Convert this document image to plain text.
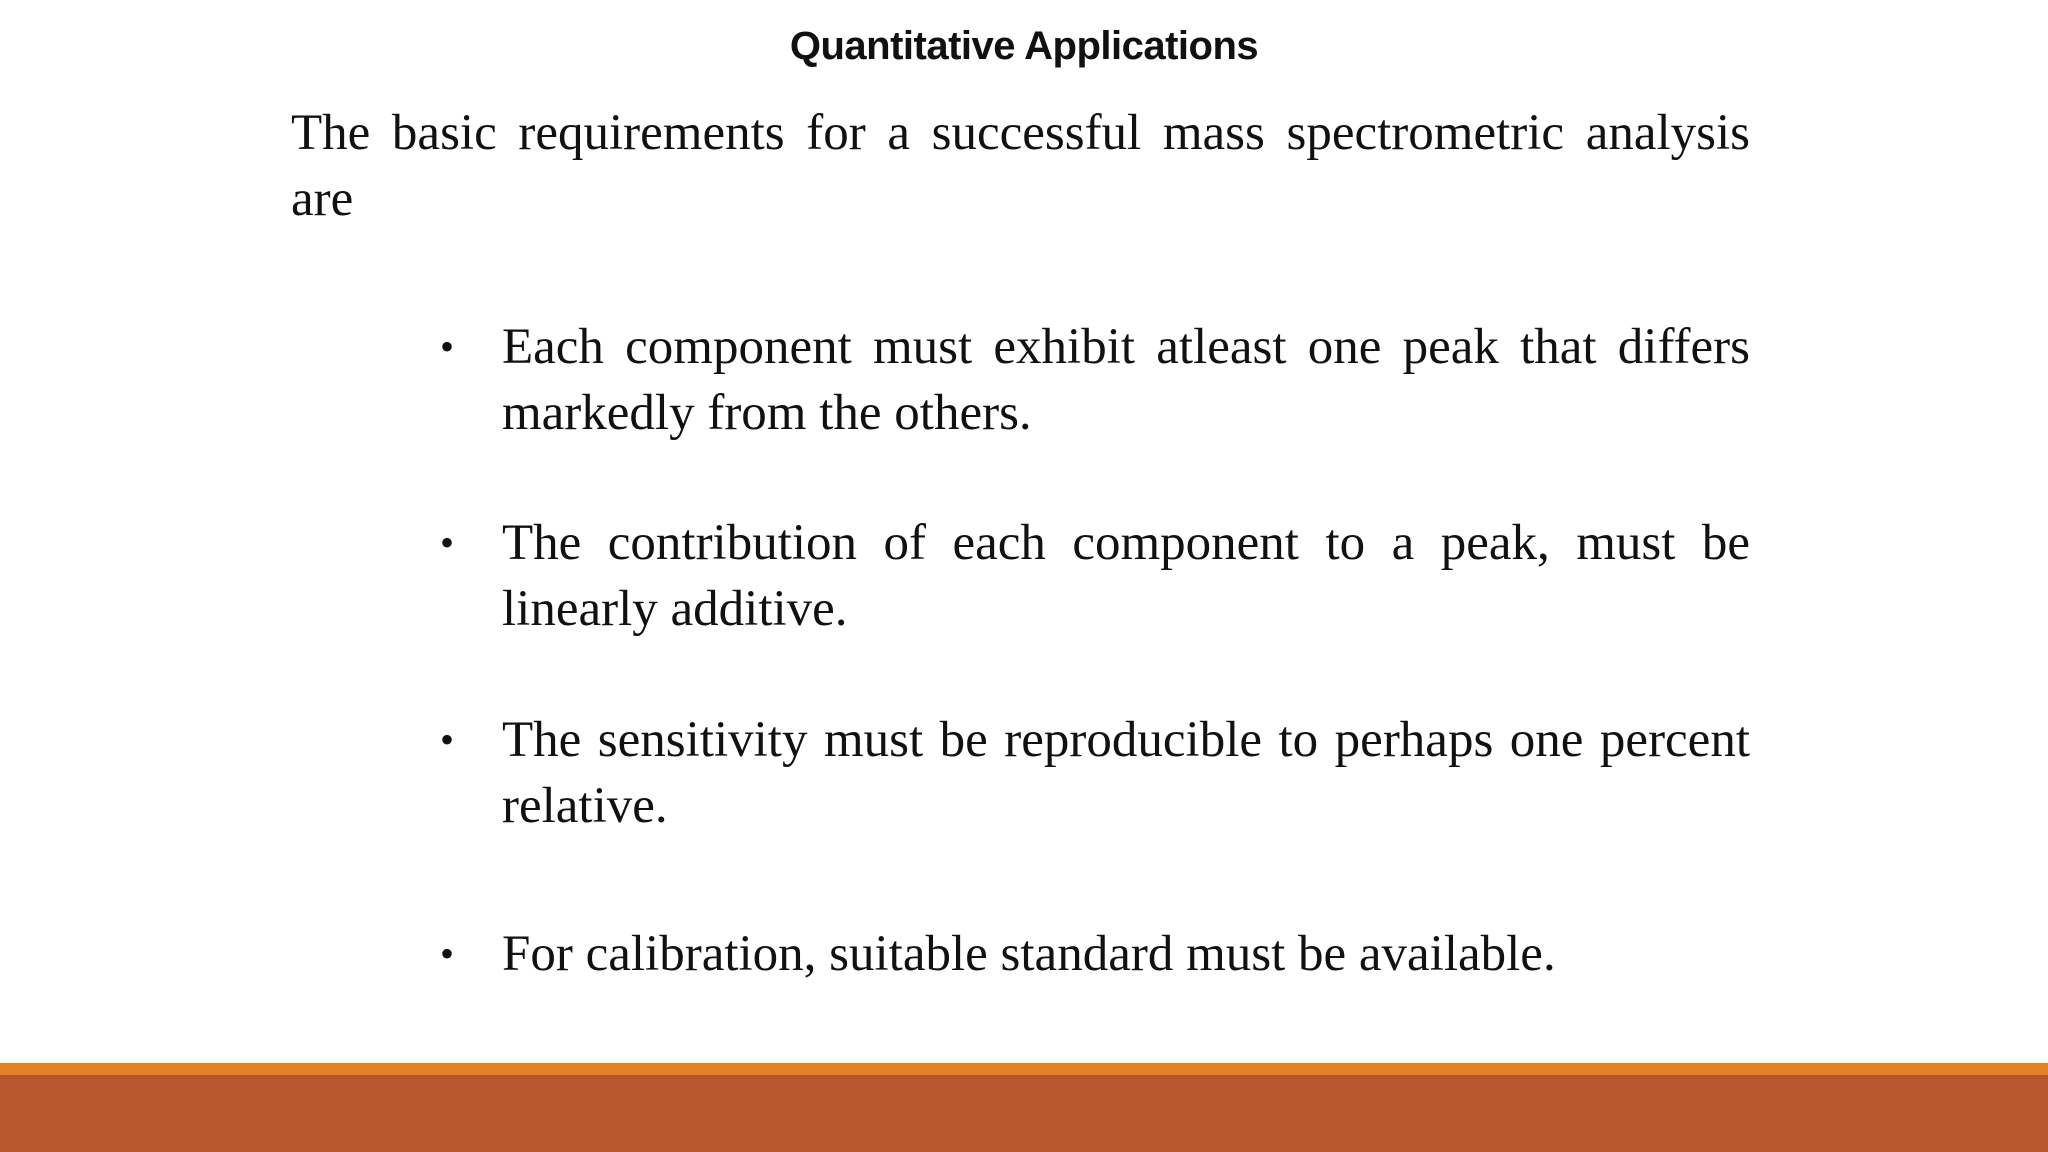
Quantitative Applications
The basic requirements for a successful mass spectrometric analysis are
• Each component must exhibit atleast one peak that differs markedly from the others.
• The contribution of each component to a peak, must be linearly additive.
• The sensitivity must be reproducible to perhaps one percent relative.
• For calibration, suitable standard must be available.
